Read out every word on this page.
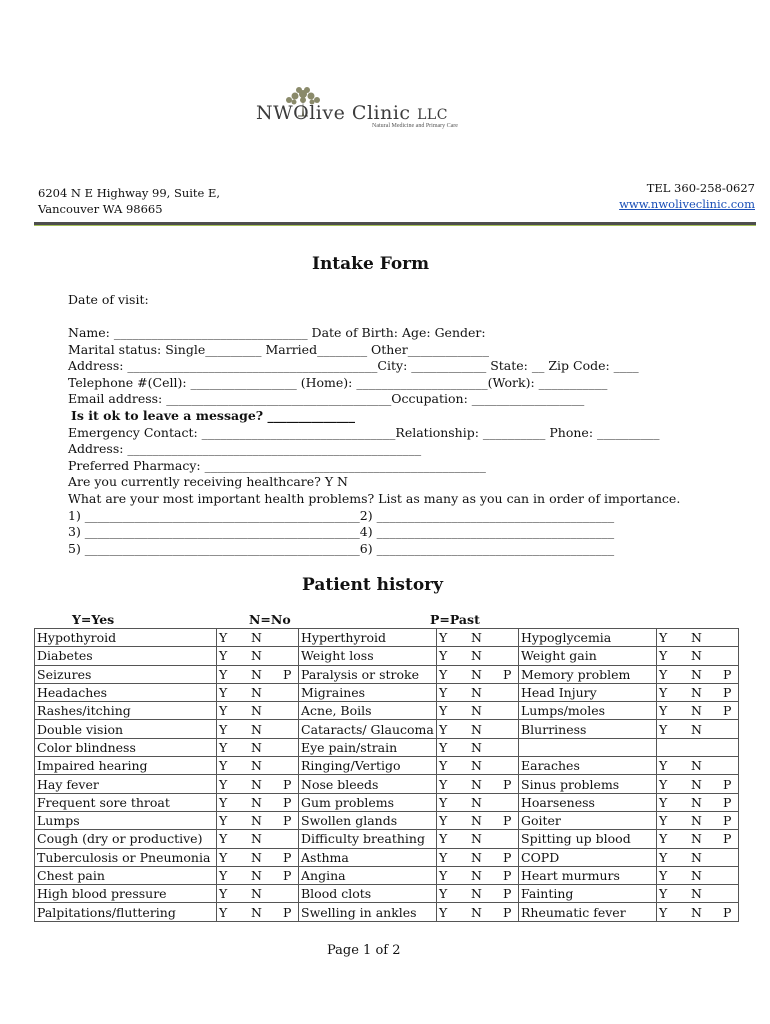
NWOlive Clinic LLC
Natural Medicine and Primary Care
6204 N E Highway 99, Suite E,
Vancouver WA 98665
TEL 360-258-0627
www.nwoliveclinic.com
Intake Form
Date of visit:
Name: _______________________________ Date of Birth: Age: Gender:
Marital status: Single_________ Married________ Other_____________
Address: ________________________________________City: ____________ State: __ Zip Code: ____
Telephone #(Cell): _________________ (Home): _____________________(Work): ___________
Email address: ____________________________________Occupation: __________________
Is it ok to leave a message? ______________
Emergency Contact: _______________________________Relationship: __________ Phone: __________
Address: _______________________________________________
Preferred Pharmacy: _____________________________________________
Are you currently receiving healthcare? Y N
What are your most important health problems? List as many as you can in order of importance.
1) ____________________________________________2) ______________________________________
3) ____________________________________________4) ______________________________________
5) ____________________________________________6) ______________________________________
Patient history
Y=Yes	N=No	P=Past
Hypothyroid	Y N	Hyperthyroid	Y N	Hypoglycemia	Y N

Diabetes	Y N	Weight loss	Y N	Weight gain	Y N

Seizures	Y N P	Paralysis or stroke	Y N P	Memory problem	Y N P

Headaches	Y N	Migraines	Y N	Head Injury	Y N P

Rashes/itching	Y N	Acne, Boils	Y N	Lumps/moles	Y N P

Double vision	Y N	Cataracts/ Glaucoma	Y N	Blurriness	Y N

Color blindness	Y N	Eye pain/strain	Y N		

Impaired hearing	Y N	Ringing/Vertigo	Y N	Earaches	Y N

Hay fever	Y N P	Nose bleeds	Y N P	Sinus problems	Y N P

Frequent sore throat	Y N P	Gum problems	Y N	Hoarseness	Y N P

Lumps	Y N P	Swollen glands	Y N P	Goiter	Y N P

Cough (dry or productive)	Y N	Difficulty breathing	Y N	Spitting up blood	Y N P

Tuberculosis or Pneumonia	Y N P	Asthma	Y N P	COPD	Y N

Chest pain	Y N P	Angina	Y N P	Heart murmurs	Y N

High blood pressure	Y N	Blood clots	Y N P	Fainting	Y N

Palpitations/fluttering	Y N P	Swelling in ankles	Y N P	Rheumatic fever	Y N P
Page 1 of 2
